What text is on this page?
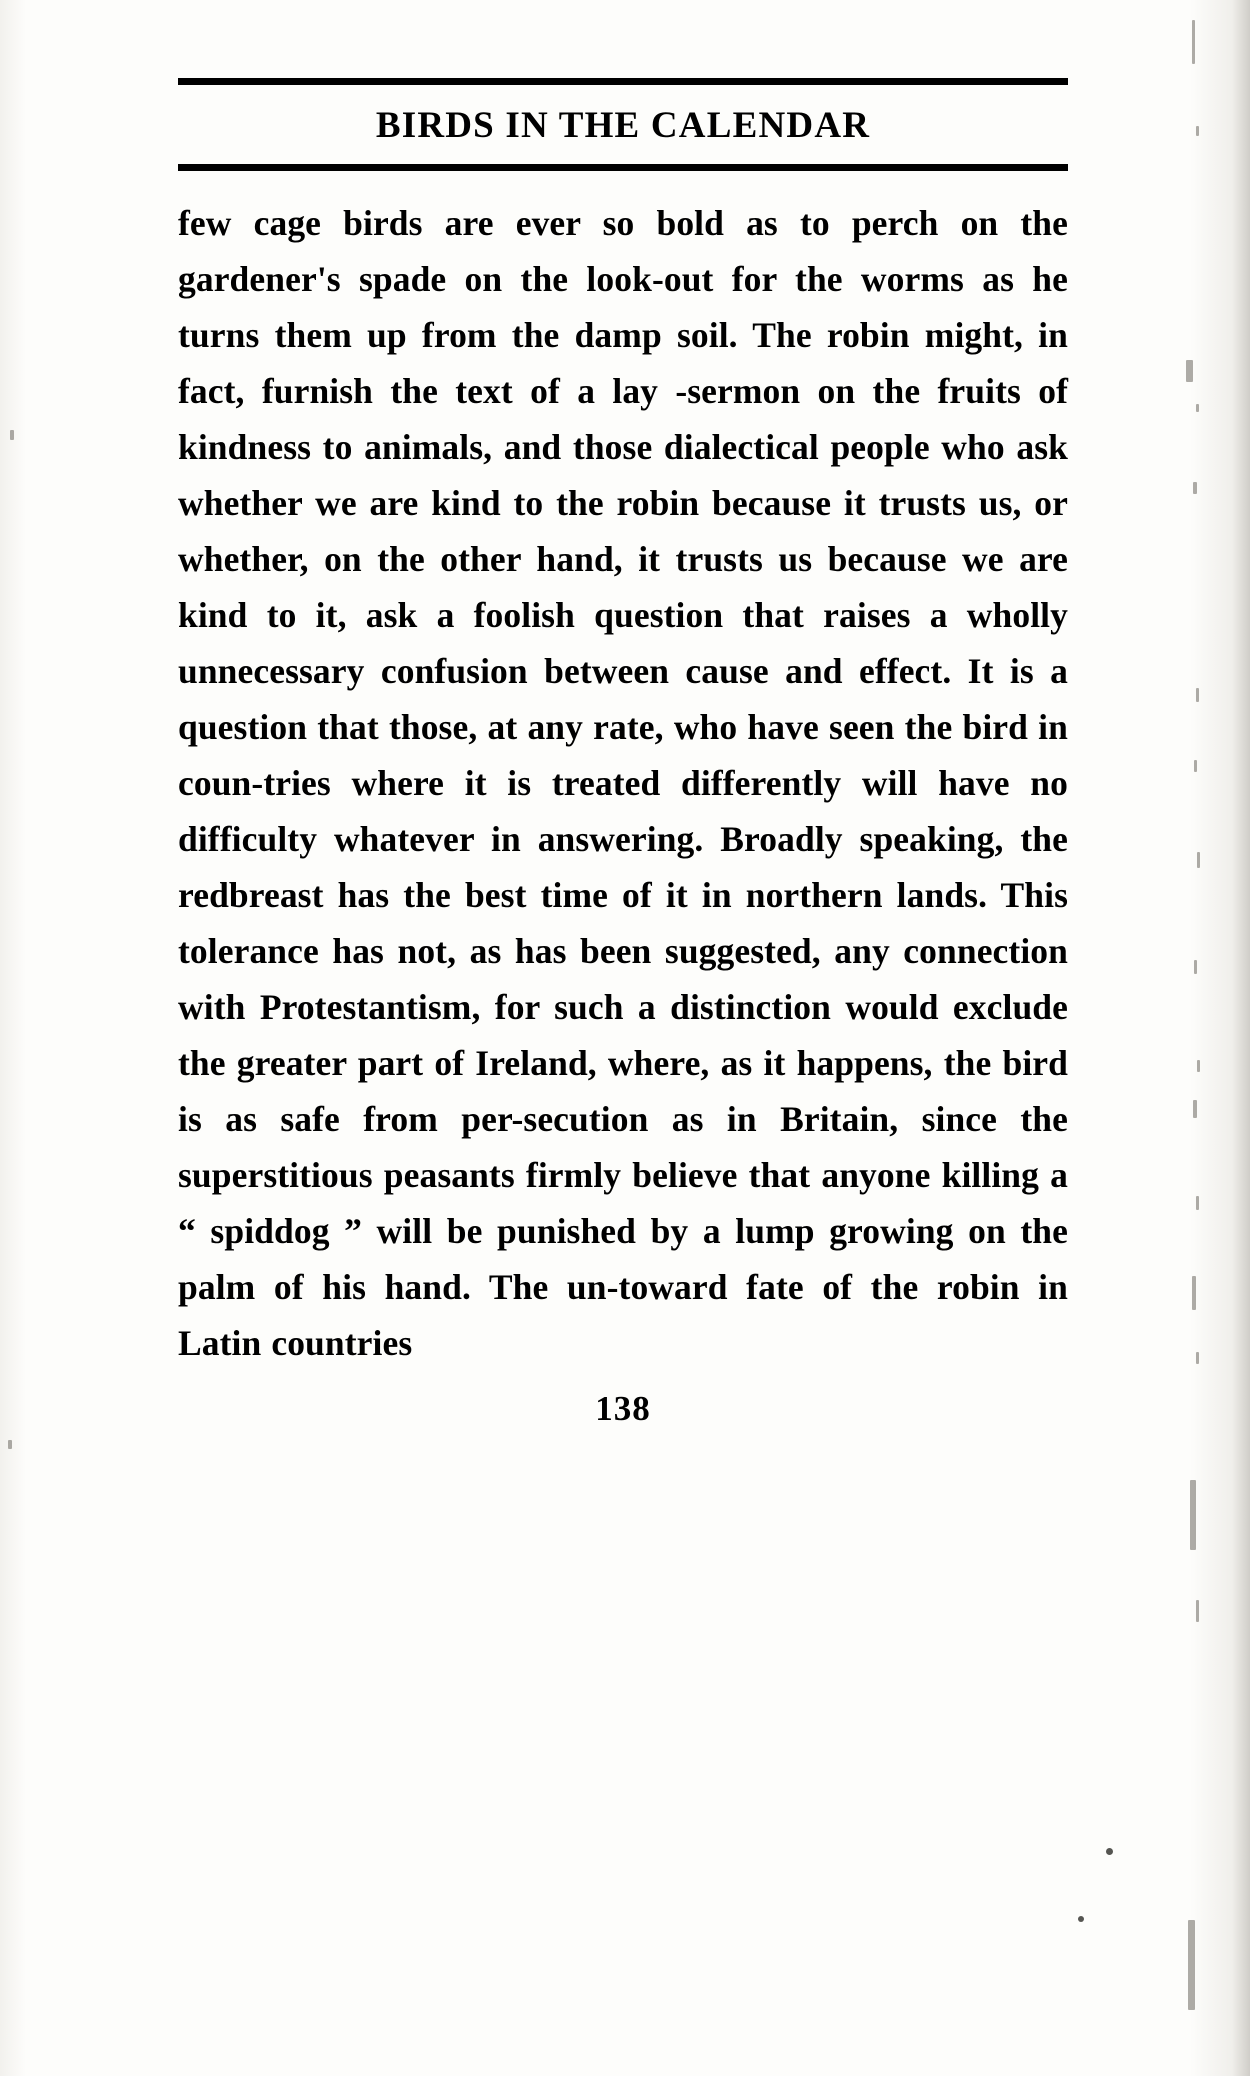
BIRDS IN THE CALENDAR

few cage birds are ever so bold as to perch on the gardener's spade on the look-out for the worms as he turns them up from the damp soil. The robin might, in fact, furnish the text of a lay -sermon on the fruits of kindness to animals, and those dialectical people who ask whether we are kind to the robin because it trusts us, or whether, on the other hand, it trusts us because we are kind to it, ask a foolish question that raises a wholly unnecessary confusion between cause and effect. It is a question that those, at any rate, who have seen the bird in coun-tries where it is treated differently will have no difficulty whatever in answering. Broadly speaking, the redbreast has the best time of it in northern lands. This tolerance has not, as has been suggested, any connection with Protestantism, for such a distinction would exclude the greater part of Ireland, where, as it happens, the bird is as safe from per-secution as in Britain, since the superstitious peasants firmly believe that anyone killing a “ spiddog ” will be punished by a lump growing on the palm of his hand. The un-toward fate of the robin in Latin countries

138
